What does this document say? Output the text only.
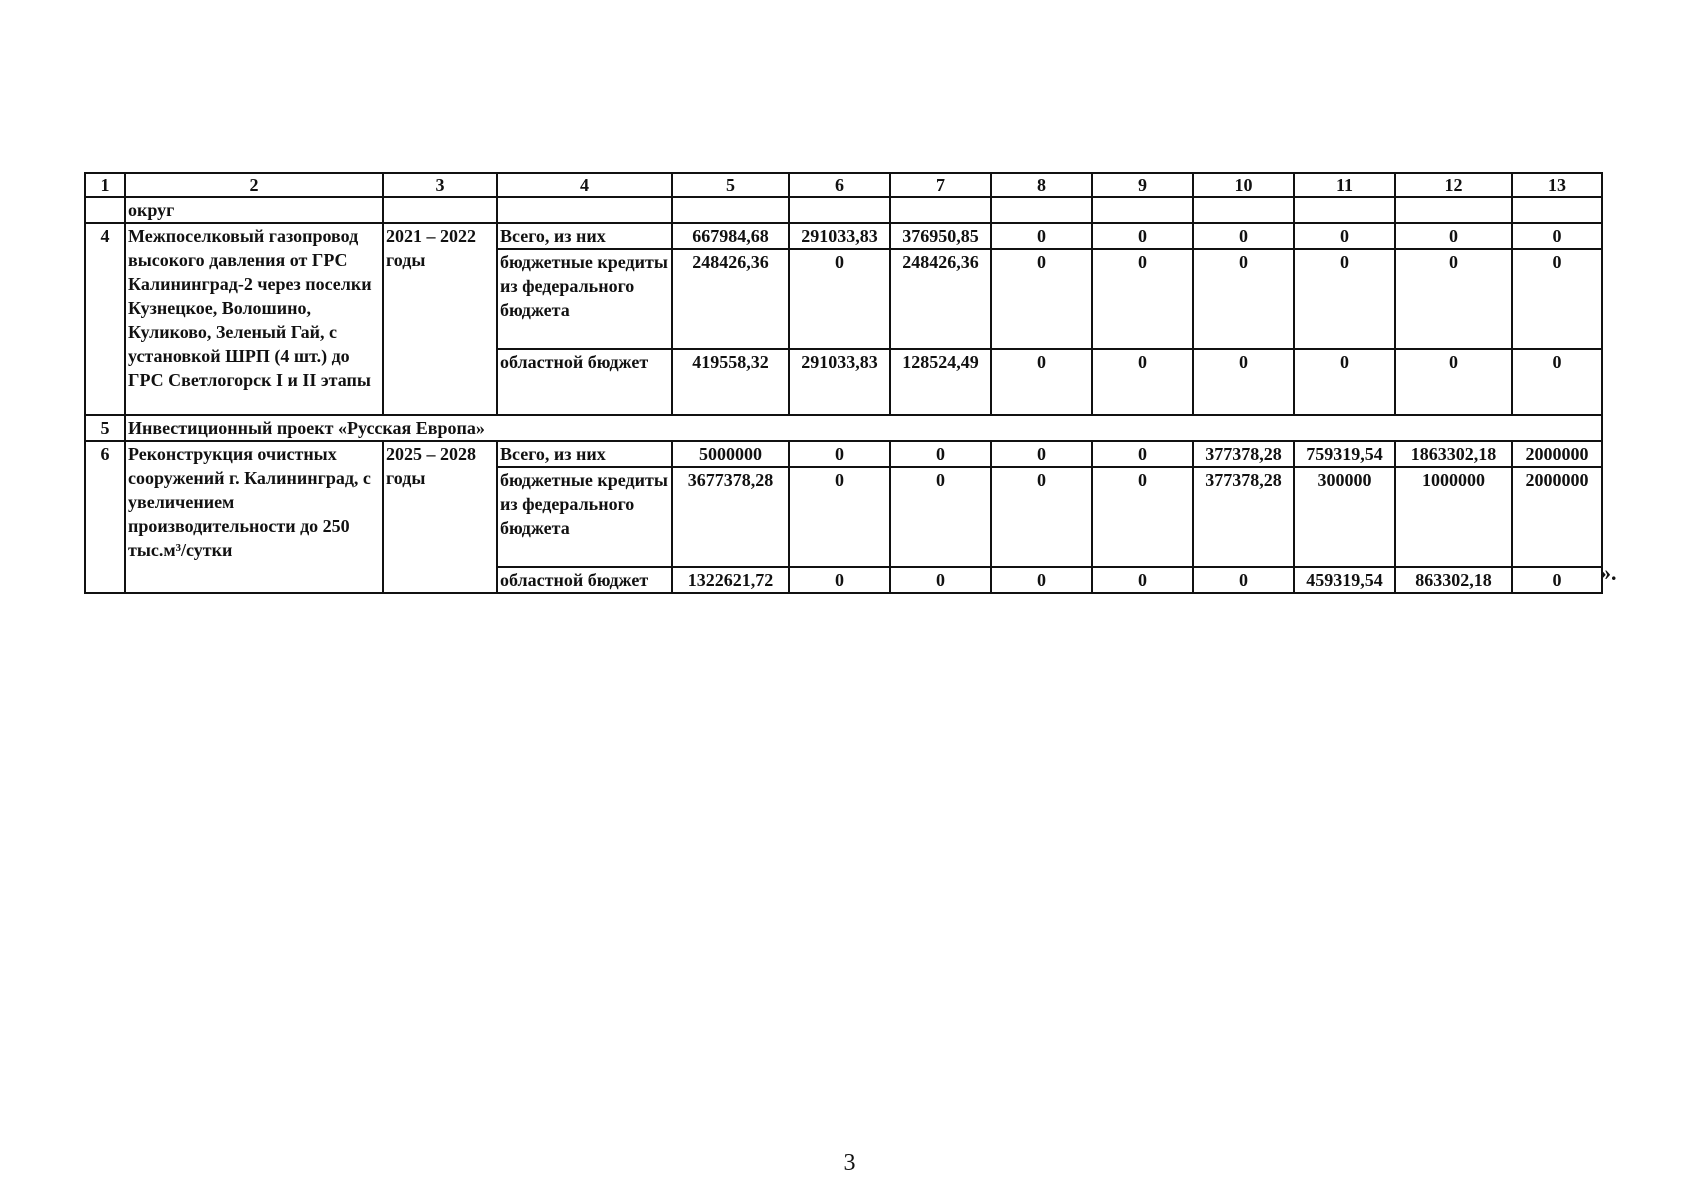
1	2	3	4	5	6	7	8	9	10	11	12	13
	округ											
4	Межпоселковый газопровод высокого давления от ГРС Калининград-2 через поселки Кузнецкое, Волошино, Куликово, Зеленый Гай, с установкой ШРП (4 шт.) до ГРС Светлогорск I и II этапы	2021 – 2022 годы	Всего, из них	667984,68	291033,83	376950,85	0	0	0	0	0	0
			бюджетные кредиты из федерального бюджета	248426,36	0	248426,36	0	0	0	0	0	0
			областной бюджет	419558,32	291033,83	128524,49	0	0	0	0	0	0
5	Инвестиционный проект «Русская Европа»											
6	Реконструкция очистных сооружений г. Калининград, с увеличением производительности до 250 тыс.м³/сутки	2025 – 2028 годы	Всего, из них	5000000	0	0	0	0	377378,28	759319,54	1863302,18	2000000
			бюджетные кредиты из федерального бюджета	3677378,28	0	0	0	0	377378,28	300000	1000000	2000000
			областной бюджет	1322621,72	0	0	0	0	0	459319,54	863302,18	0 ».
3
